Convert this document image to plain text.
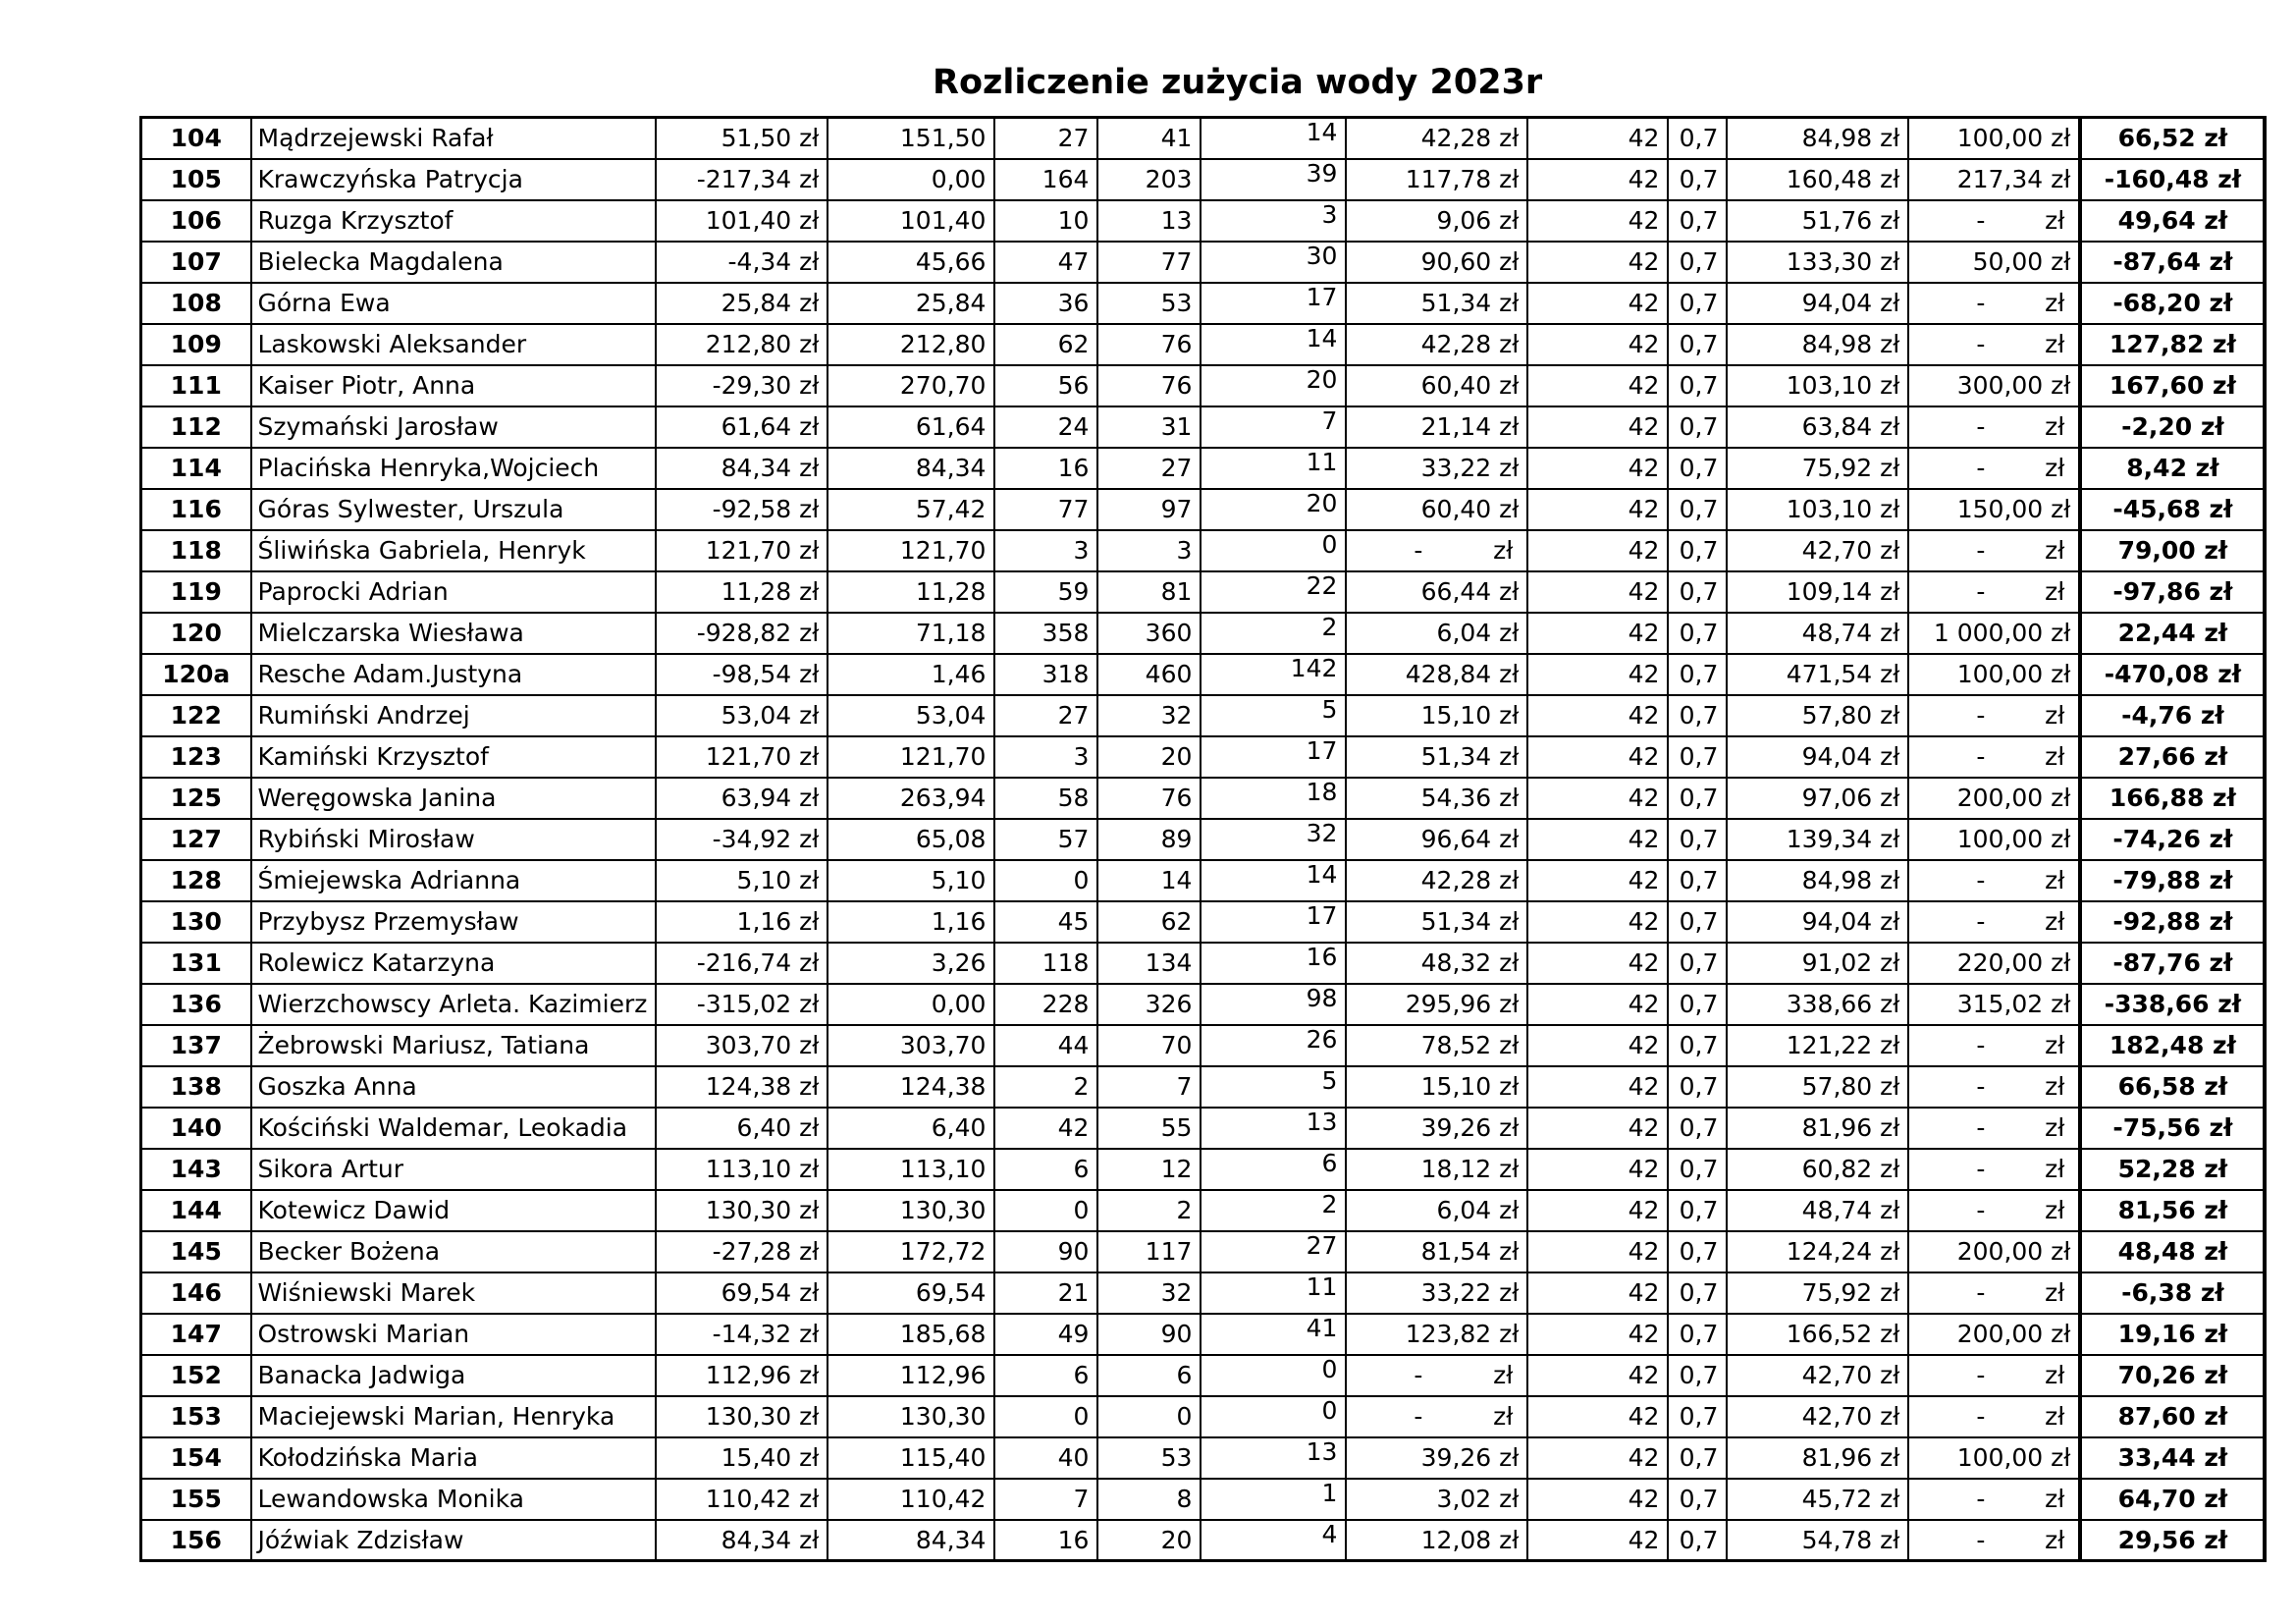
Rozliczenie zużycia wody 2023r
104	Mądrzejewski Rafał	51,50 zł	151,50	27	41	14	42,28 zł	42	0,7	84,98 zł	100,00 zł	66,52 zł
105	Krawczyńska Patrycja	-217,34 zł	0,00	164	203	39	117,78 zł	42	0,7	160,48 zł	217,34 zł	-160,48 zł
106	Ruzga Krzysztof	101,40 zł	101,40	10	13	3	9,06 zł	42	0,7	51,76 zł	- zł	49,64 zł
107	Bielecka Magdalena	-4,34 zł	45,66	47	77	30	90,60 zł	42	0,7	133,30 zł	50,00 zł	-87,64 zł
108	Górna Ewa	25,84 zł	25,84	36	53	17	51,34 zł	42	0,7	94,04 zł	- zł	-68,20 zł
109	Laskowski Aleksander	212,80 zł	212,80	62	76	14	42,28 zł	42	0,7	84,98 zł	- zł	127,82 zł
111	Kaiser Piotr, Anna	-29,30 zł	270,70	56	76	20	60,40 zł	42	0,7	103,10 zł	300,00 zł	167,60 zł
112	Szymański Jarosław	61,64 zł	61,64	24	31	7	21,14 zł	42	0,7	63,84 zł	- zł	-2,20 zł
114	Placińska Henryka,Wojciech	84,34 zł	84,34	16	27	11	33,22 zł	42	0,7	75,92 zł	- zł	8,42 zł
116	Góras Sylwester, Urszula	-92,58 zł	57,42	77	97	20	60,40 zł	42	0,7	103,10 zł	150,00 zł	-45,68 zł
118	Śliwińska Gabriela, Henryk	121,70 zł	121,70	3	3	0	- zł	42	0,7	42,70 zł	- zł	79,00 zł
119	Paprocki Adrian	11,28 zł	11,28	59	81	22	66,44 zł	42	0,7	109,14 zł	- zł	-97,86 zł
120	Mielczarska Wiesława	-928,82 zł	71,18	358	360	2	6,04 zł	42	0,7	48,74 zł	1 000,00 zł	22,44 zł
120a	Resche Adam.Justyna	-98,54 zł	1,46	318	460	142	428,84 zł	42	0,7	471,54 zł	100,00 zł	-470,08 zł
122	Rumiński Andrzej	53,04 zł	53,04	27	32	5	15,10 zł	42	0,7	57,80 zł	- zł	-4,76 zł
123	Kamiński Krzysztof	121,70 zł	121,70	3	20	17	51,34 zł	42	0,7	94,04 zł	- zł	27,66 zł
125	Weręgowska Janina	63,94 zł	263,94	58	76	18	54,36 zł	42	0,7	97,06 zł	200,00 zł	166,88 zł
127	Rybiński Mirosław	-34,92 zł	65,08	57	89	32	96,64 zł	42	0,7	139,34 zł	100,00 zł	-74,26 zł
128	Śmiejewska Adrianna	5,10 zł	5,10	0	14	14	42,28 zł	42	0,7	84,98 zł	- zł	-79,88 zł
130	Przybysz Przemysław	1,16 zł	1,16	45	62	17	51,34 zł	42	0,7	94,04 zł	- zł	-92,88 zł
131	Rolewicz Katarzyna	-216,74 zł	3,26	118	134	16	48,32 zł	42	0,7	91,02 zł	220,00 zł	-87,76 zł
136	Wierzchowscy Arleta. Kazimierz	-315,02 zł	0,00	228	326	98	295,96 zł	42	0,7	338,66 zł	315,02 zł	-338,66 zł
137	Żebrowski Mariusz, Tatiana	303,70 zł	303,70	44	70	26	78,52 zł	42	0,7	121,22 zł	- zł	182,48 zł
138	Goszka Anna	124,38 zł	124,38	2	7	5	15,10 zł	42	0,7	57,80 zł	- zł	66,58 zł
140	Kościński Waldemar, Leokadia	6,40 zł	6,40	42	55	13	39,26 zł	42	0,7	81,96 zł	- zł	-75,56 zł
143	Sikora Artur	113,10 zł	113,10	6	12	6	18,12 zł	42	0,7	60,82 zł	- zł	52,28 zł
144	Kotewicz Dawid	130,30 zł	130,30	0	2	2	6,04 zł	42	0,7	48,74 zł	- zł	81,56 zł
145	Becker Bożena	-27,28 zł	172,72	90	117	27	81,54 zł	42	0,7	124,24 zł	200,00 zł	48,48 zł
146	Wiśniewski Marek	69,54 zł	69,54	21	32	11	33,22 zł	42	0,7	75,92 zł	- zł	-6,38 zł
147	Ostrowski Marian	-14,32 zł	185,68	49	90	41	123,82 zł	42	0,7	166,52 zł	200,00 zł	19,16 zł
152	Banacka Jadwiga	112,96 zł	112,96	6	6	0	- zł	42	0,7	42,70 zł	- zł	70,26 zł
153	Maciejewski Marian, Henryka	130,30 zł	130,30	0	0	0	- zł	42	0,7	42,70 zł	- zł	87,60 zł
154	Kołodzińska Maria	15,40 zł	115,40	40	53	13	39,26 zł	42	0,7	81,96 zł	100,00 zł	33,44 zł
155	Lewandowska Monika	110,42 zł	110,42	7	8	1	3,02 zł	42	0,7	45,72 zł	- zł	64,70 zł
156	Jóźwiak Zdzisław	84,34 zł	84,34	16	20	4	12,08 zł	42	0,7	54,78 zł	- zł	29,56 zł
